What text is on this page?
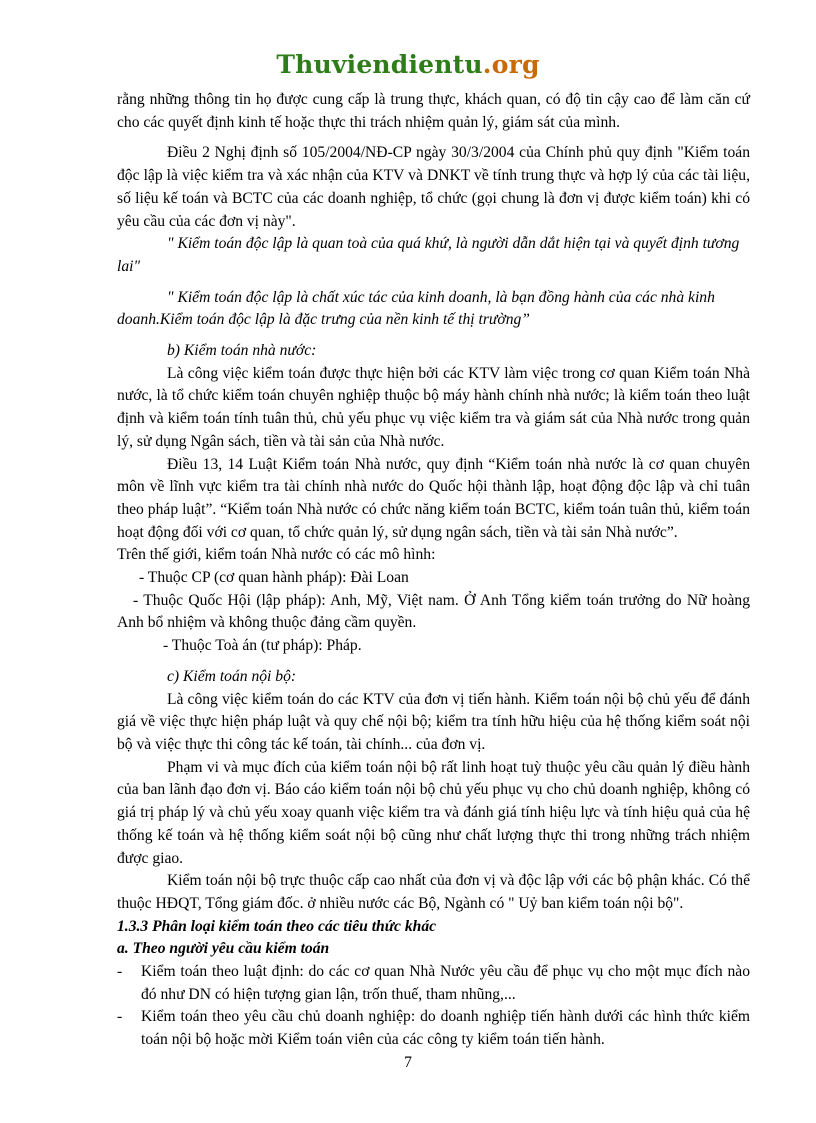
Thuviendientu.org

rằng những thông tin họ được cung cấp là trung thực, khách quan, có độ tin cậy cao để làm căn cứ cho các quyết định kinh tế hoặc thực thi trách nhiệm quản lý, giám sát của mình.

Điều 2 Nghị định số 105/2004/NĐ-CP ngày 30/3/2004 của Chính phủ quy định "Kiểm toán độc lập là việc kiểm tra và xác nhận của KTV và DNKT về tính trung thực và hợp lý của các tài liệu, số liệu kế toán và BCTC của các doanh nghiệp, tổ chức (gọi chung là đơn vị được kiểm toán) khi có yêu cầu của các đơn vị này".

" Kiểm toán độc lập là quan toà của quá khứ, là người dẫn dắt hiện tại và quyết định tương lai"

" Kiểm toán độc lập là chất xúc tác của kinh doanh, là bạn đồng hành của các nhà kinh doanh.Kiểm toán độc lập là đặc trưng của nền kinh tế thị trường”

b) Kiểm toán nhà nước:

Là công việc kiểm toán được thực hiện bởi các KTV làm việc trong cơ quan Kiểm toán Nhà nước, là tổ chức kiểm toán chuyên nghiệp thuộc bộ máy hành chính nhà nước; là kiểm toán theo luật định và kiểm toán tính tuân thủ, chủ yếu phục vụ việc kiểm tra và giám sát của Nhà nước trong quản lý, sử dụng Ngân sách, tiền và tài sản của Nhà nước.

Điều 13, 14 Luật Kiểm toán Nhà nước, quy định “Kiểm toán nhà nước là cơ quan chuyên môn về lĩnh vực kiểm tra tài chính nhà nước do Quốc hội thành lập, hoạt động độc lập và chỉ tuân theo pháp luật”. “Kiểm toán Nhà nước có chức năng kiểm toán BCTC, kiểm toán tuân thủ, kiểm toán hoạt động đối với cơ quan, tổ chức quản lý, sử dụng ngân sách, tiền và tài sản Nhà nước”.

Trên thế giới, kiểm toán Nhà nước có các mô hình:

- Thuộc CP (cơ quan hành pháp): Đài Loan

- Thuộc Quốc Hội (lập pháp): Anh, Mỹ, Việt nam. Ở Anh Tổng kiểm toán trưởng do Nữ hoàng Anh bổ nhiệm và không thuộc đảng cầm quyền.

- Thuộc Toà án (tư pháp): Pháp.

c) Kiểm toán nội bộ:

Là công việc kiểm toán do các KTV của đơn vị tiến hành. Kiểm toán nội bộ chủ yếu để đánh giá về việc thực hiện pháp luật và quy chế nội bộ; kiểm tra tính hữu hiệu của hệ thống kiểm soát nội bộ và việc thực thi công tác kế toán, tài chính... của đơn vị.

Phạm vi và mục đích của kiểm toán nội bộ rất linh hoạt tuỳ thuộc yêu cầu quản lý điều hành của ban lãnh đạo đơn vị. Báo cáo kiểm toán nội bộ chủ yếu phục vụ cho chủ doanh nghiệp, không có giá trị pháp lý và chủ yếu xoay quanh việc kiểm tra và đánh giá tính hiệu lực và tính hiệu quả của hệ thống kế toán và hệ thống kiểm soát nội bộ cũng như chất lượng thực thi trong những trách nhiệm được giao.

Kiểm toán nội bộ trực thuộc cấp cao nhất của đơn vị và độc lập với các bộ phận khác. Có thể thuộc HĐQT, Tổng giám đốc. ở nhiều nước các Bộ, Ngành có " Uỷ ban kiểm toán nội bộ".

1.3.3 Phân loại kiểm toán theo các tiêu thức khác

a. Theo người yêu cầu kiểm toán

- Kiểm toán theo luật định: do các cơ quan Nhà Nước yêu cầu để phục vụ cho một mục đích nào đó như DN có hiện tượng gian lận, trốn thuế, tham nhũng,...

- Kiểm toán theo yêu cầu chủ doanh nghiệp: do doanh nghiệp tiến hành dưới các hình thức kiểm toán nội bộ hoặc mời Kiểm toán viên của các công ty kiểm toán tiến hành.

7
